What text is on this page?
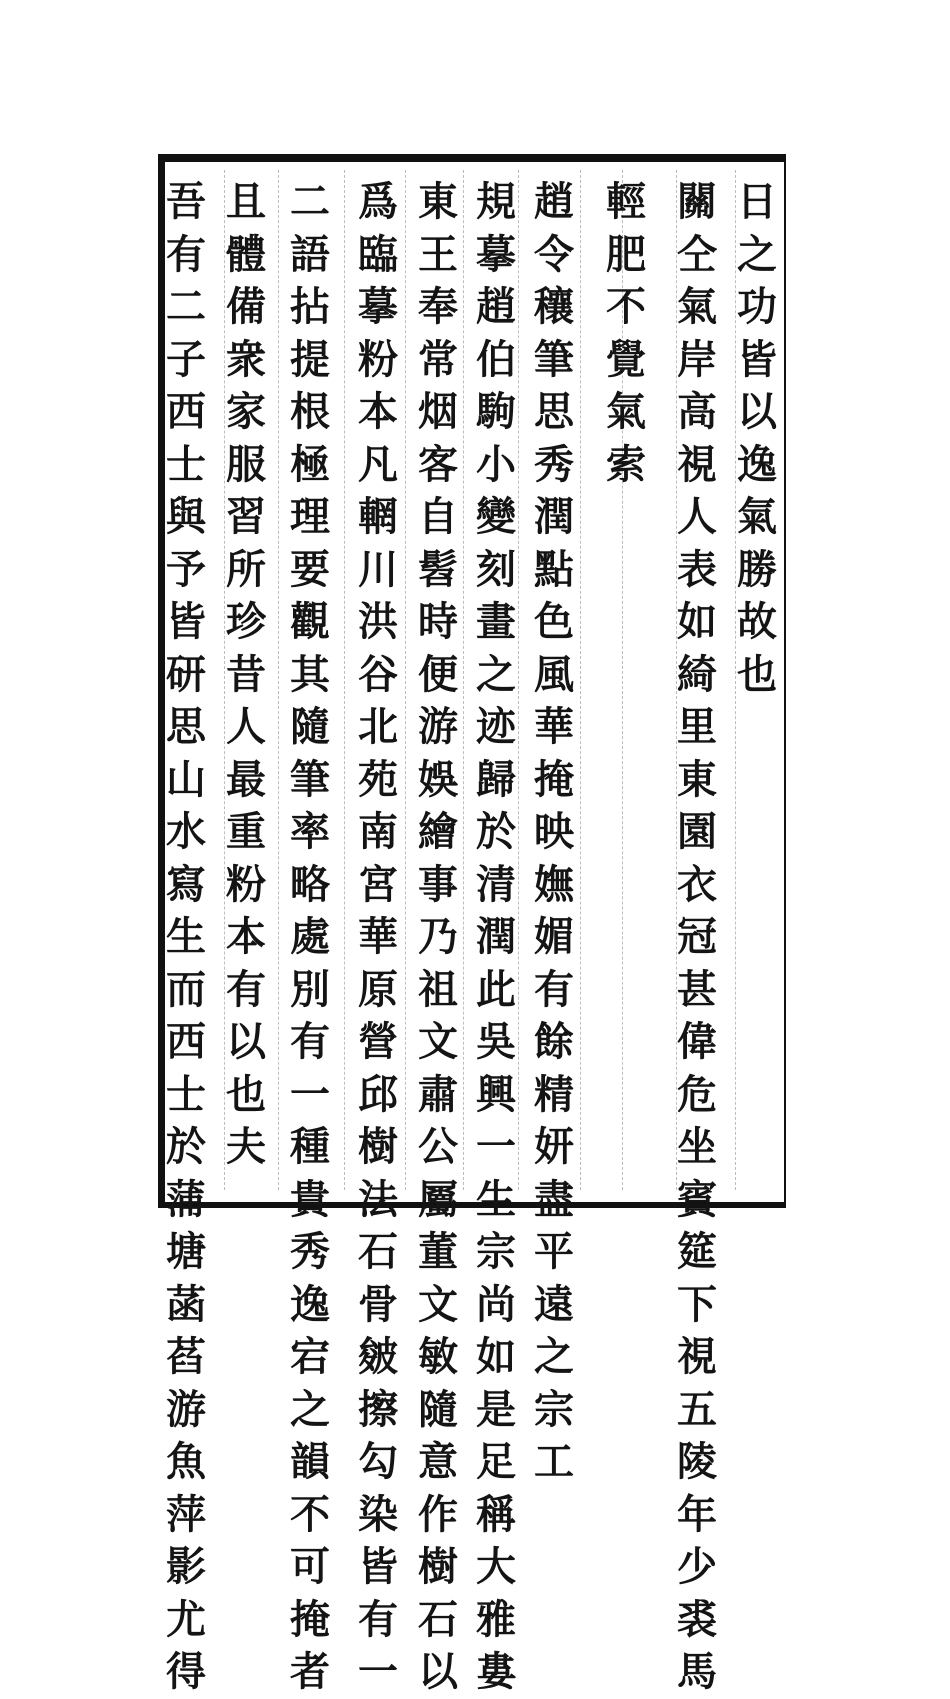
日
之
功
皆
以
逸
氣
勝
故
也
關
仝
氣
岸
高
視
人
表
如
綺
里
東
園
衣
冠
甚
偉
危
坐
賓
筵
下
視
五
陵
年
少
裘
馬
輕
肥
不
覺
氣
索
趙
令
穰
筆
思
秀
潤
點
色
風
華
掩
映
嫵
媚
有
餘
精
妍
盡
平
遠
之
宗
工
規
摹
趙
伯
駒
小
變
刻
畫
之
迹
歸
於
清
潤
此
吳
興
一
生
宗
尚
如
是
足
稱
大
雅
婁
東
王
奉
常
烟
客
自
髫
時
便
游
娛
繪
事
乃
祖
文
肅
公
屬
董
文
敏
隨
意
作
樹
石
以
爲
臨
摹
粉
本
凡
輞
川
洪
谷
北
苑
南
宮
華
原
營
邱
樹
法
石
骨
皴
擦
勾
染
皆
有
一
二
語
拈
提
根
極
理
要
觀
其
隨
筆
率
略
處
別
有
一
種
貴
秀
逸
宕
之
韻
不
可
掩
者
且
體
備
衆
家
服
習
所
珍
昔
人
最
重
粉
本
有
以
也
夫
吾
有
二
子
西
士
與
予
皆
研
思
山
水
寫
生
而
西
士
於
蒲
塘
菡
萏
游
魚
萍
影
尤
得
